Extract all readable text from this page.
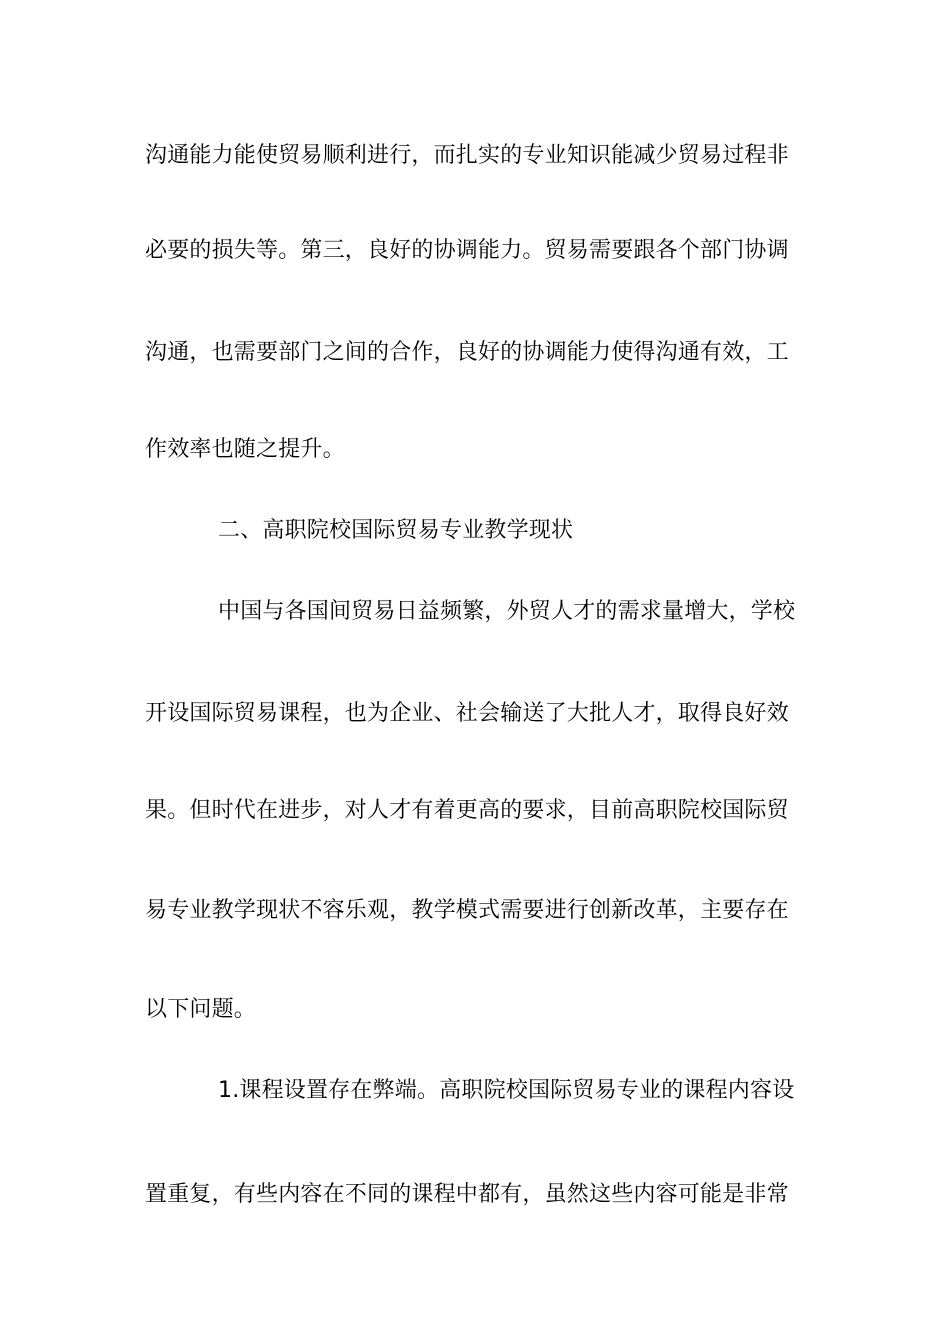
沟通能力能使贸易顺利进行，而扎实的专业知识能减少贸易过程非
必要的损失等。第三，良好的协调能力。贸易需要跟各个部门协调
沟通，也需要部门之间的合作，良好的协调能力使得沟通有效，工
作效率也随之提升。
二、高职院校国际贸易专业教学现状
中国与各国间贸易日益频繁，外贸人才的需求量增大，学校
开设国际贸易课程，也为企业、社会输送了大批人才，取得良好效
果。但时代在进步，对人才有着更高的要求，目前高职院校国际贸
易专业教学现状不容乐观，教学模式需要进行创新改革，主要存在
以下问题。
1.课程设置存在弊端。高职院校国际贸易专业的课程内容设
置重复，有些内容在不同的课程中都有，虽然这些内容可能是非常
